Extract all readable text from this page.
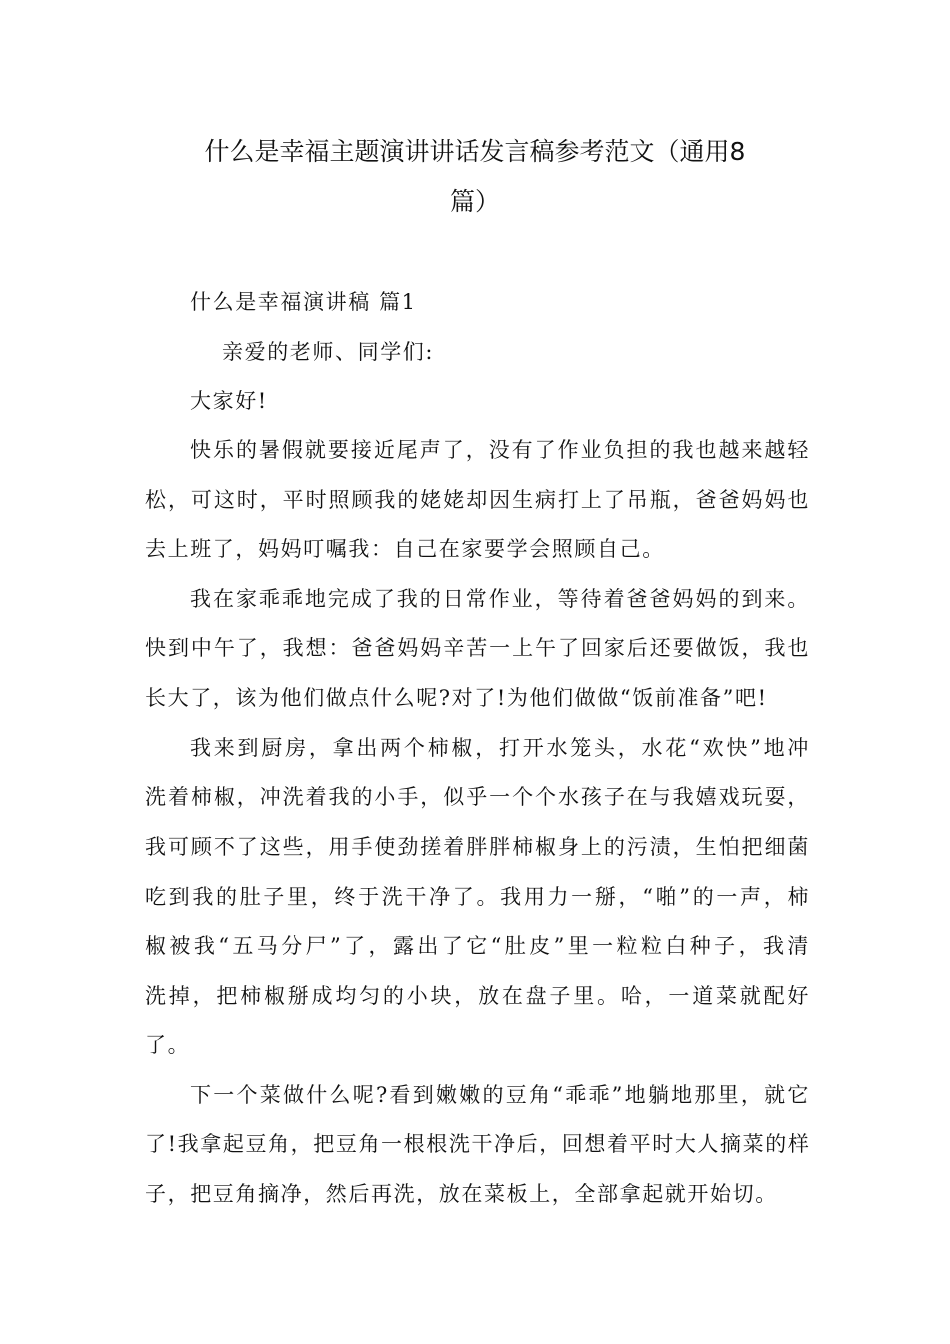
什么是幸福主题演讲讲话发言稿参考范文（通用8
篇）
什么是幸福演讲稿 篇1
亲爱的老师、同学们:
大家好!
快乐的暑假就要接近尾声了，没有了作业负担的我也越来越轻
松，可这时，平时照顾我的姥姥却因生病打上了吊瓶，爸爸妈妈也
去上班了，妈妈叮嘱我：自己在家要学会照顾自己。
我在家乖乖地完成了我的日常作业，等待着爸爸妈妈的到来。
快到中午了，我想：爸爸妈妈辛苦一上午了回家后还要做饭，我也
长大了，该为他们做点什么呢?对了!为他们做做“饭前准备”吧!
我来到厨房，拿出两个柿椒，打开水笼头，水花“欢快”地冲
洗着柿椒，冲洗着我的小手，似乎一个个水孩子在与我嬉戏玩耍，
我可顾不了这些，用手使劲搓着胖胖柿椒身上的污渍，生怕把细菌
吃到我的肚子里，终于洗干净了。我用力一掰，“啪”的一声，柿
椒被我“五马分尸”了，露出了它“肚皮”里一粒粒白种子，我清
洗掉，把柿椒掰成均匀的小块，放在盘子里。哈，一道菜就配好
了。
下一个菜做什么呢?看到嫩嫩的豆角“乖乖”地躺地那里，就它
了!我拿起豆角，把豆角一根根洗干净后，回想着平时大人摘菜的样
子，把豆角摘净，然后再洗，放在菜板上，全部拿起就开始切。
